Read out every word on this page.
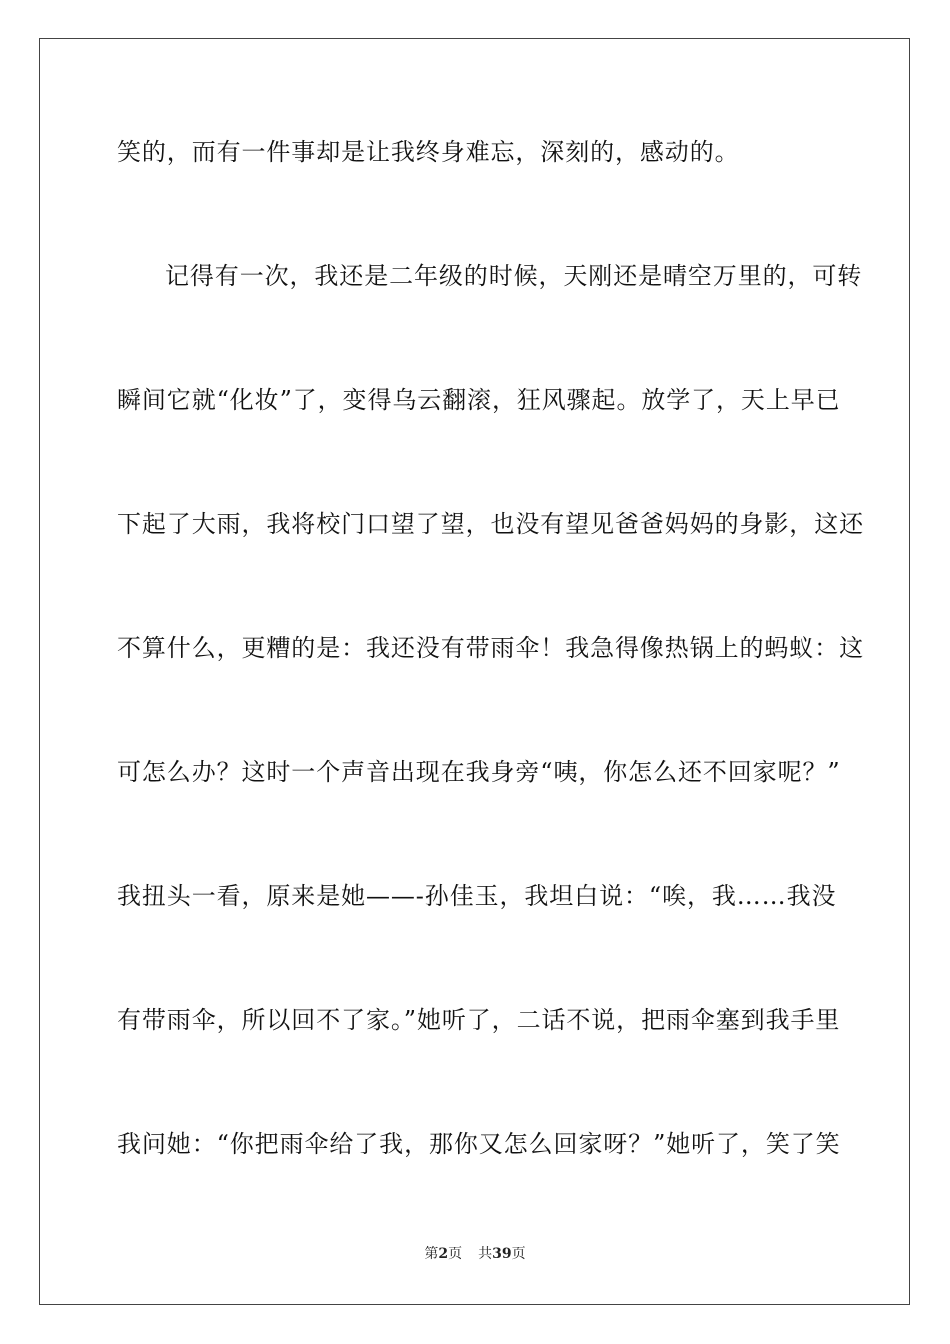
笑的，而有一件事却是让我终身难忘，深刻的，感动的。
记得有一次，我还是二年级的时候，天刚还是晴空万里的，可转
瞬间它就“化妆”了，变得乌云翻滚，狂风骤起。放学了，天上早已
下起了大雨，我将校门口望了望，也没有望见爸爸妈妈的身影，这还
不算什么，更糟的是：我还没有带雨伞！我急得像热锅上的蚂蚁：这
可怎么办？这时一个声音出现在我身旁“咦，你怎么还不回家呢？”
我扭头一看，原来是她——-孙佳玉，我坦白说：“唉，我……我没
有带雨伞，所以回不了家。”她听了，二话不说，把雨伞塞到我手里
我问她：“你把雨伞给了我，那你又怎么回家呀？”她听了，笑了笑
第2页 共39页
